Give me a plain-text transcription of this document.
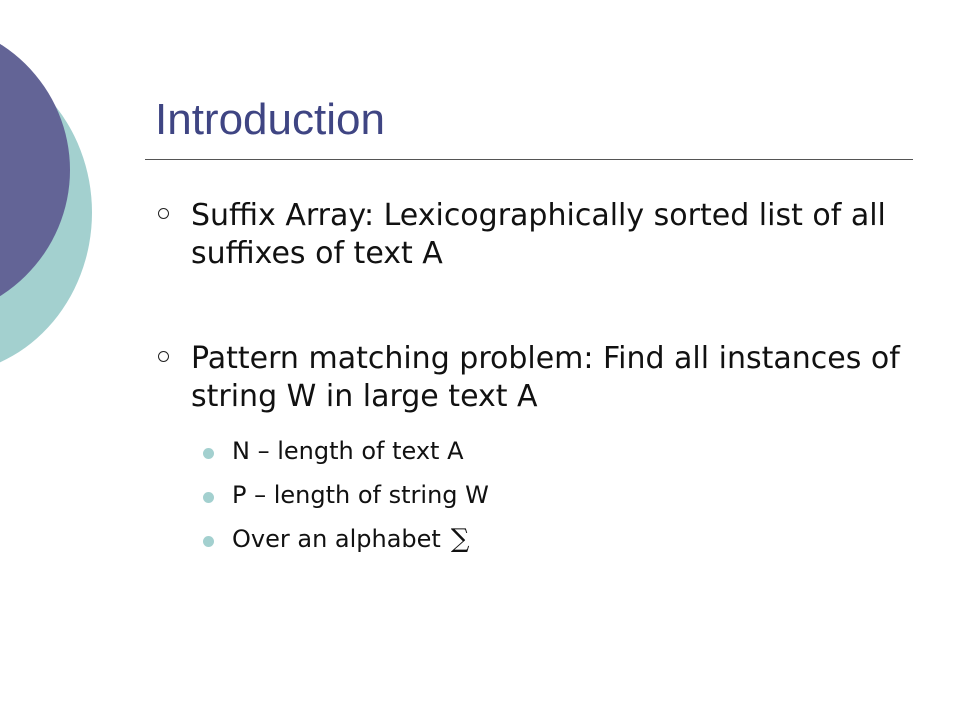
Introduction
Suffix Array: Lexicographically sorted list of all suffixes of text A
Pattern matching problem: Find all instances of string W in large text A
N – length of text A
P – length of string W
Over an alphabet ∑
